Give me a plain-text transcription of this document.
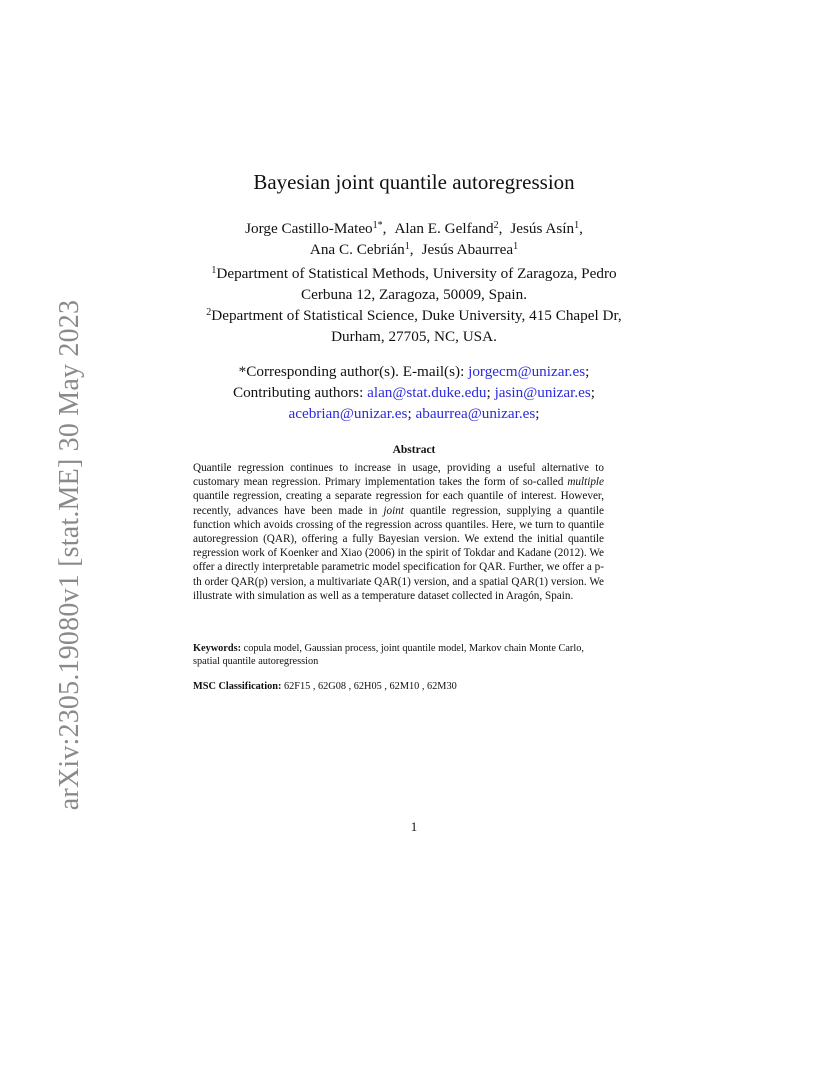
arXiv:2305.19080v1 [stat.ME] 30 May 2023
Bayesian joint quantile autoregression
Jorge Castillo-Mateo$^{1*}$, Alan E. Gelfand$^2$, Jesús Asín$^1$,
Ana C. Cebrián$^1$, Jesús Abaurrea$^1$
$^1$Department of Statistical Methods, University of Zaragoza, Pedro
Cerbuna 12, Zaragoza, 50009, Spain.
$^2$Department of Statistical Science, Duke University, 415 Chapel Dr,
Durham, 27705, NC, USA.
*Corresponding author(s). E-mail(s): jorgecm@unizar.es;
Contributing authors: alan@stat.duke.edu; jasin@unizar.es;
acebrian@unizar.es; abaurrea@unizar.es;
Abstract
Quantile regression continues to increase in usage, providing a useful alternative to customary mean regression. Primary implementation takes the form of so-called multiple quantile regression, creating a separate regression for each quantile of interest. However, recently, advances have been made in joint quantile regression, supplying a quantile function which avoids crossing of the regression across quantiles. Here, we turn to quantile autoregression (QAR), offering a fully Bayesian version. We extend the initial quantile regression work of Koenker and Xiao (2006) in the spirit of Tokdar and Kadane (2012). We offer a directly interpretable parametric model specification for QAR. Further, we offer a p-th order QAR(p) version, a multivariate QAR(1) version, and a spatial QAR(1) version. We illustrate with simulation as well as a temperature dataset collected in Aragón, Spain.
Keywords: copula model, Gaussian process, joint quantile model, Markov chain Monte Carlo, spatial quantile autoregression
MSC Classification: 62F15 , 62G08 , 62H05 , 62M10 , 62M30
1
